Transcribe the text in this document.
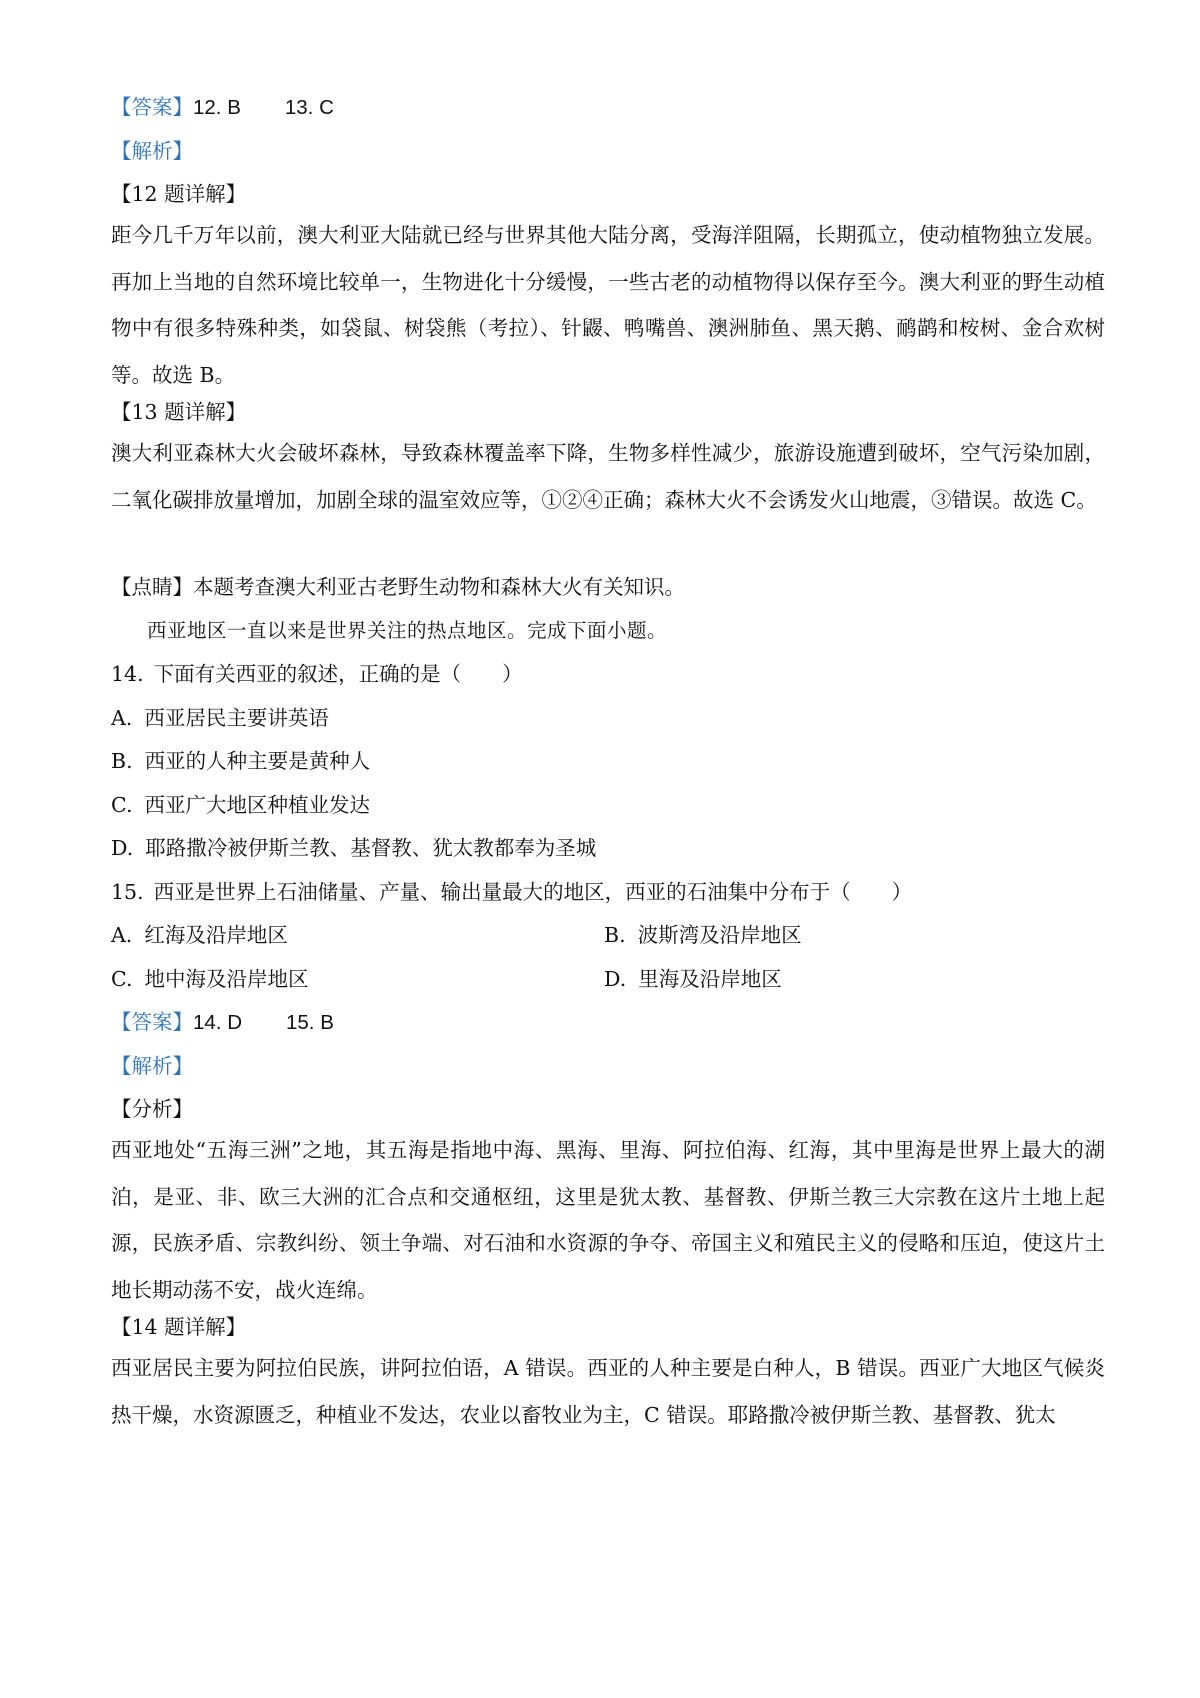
【答案】12. B 13. C
【解析】
【12 题详解】
距今几千万年以前，澳大利亚大陆就已经与世界其他大陆分离，受海洋阻隔，长期孤立，使动植物独立发展。再加上当地的自然环境比较单一，生物进化十分缓慢，一些古老的动植物得以保存至今。澳大利亚的野生动植物中有很多特殊种类，如袋鼠、树袋熊（考拉）、针鼹、鸭嘴兽、澳洲肺鱼、黑天鹅、鸸鹋和桉树、金合欢树等。故选 B。
【13 题详解】
澳大利亚森林大火会破坏森林，导致森林覆盖率下降，生物多样性减少，旅游设施遭到破坏，空气污染加剧，二氧化碳排放量增加，加剧全球的温室效应等，①②④正确；森林大火不会诱发火山地震，③错误。故选 C。
【点睛】本题考查澳大利亚古老野生动物和森林大火有关知识。
西亚地区一直以来是世界关注的热点地区。完成下面小题。
14. 下面有关西亚的叙述，正确的是（　　）
A. 西亚居民主要讲英语
B. 西亚的人种主要是黄种人
C. 西亚广大地区种植业发达
D. 耶路撒冷被伊斯兰教、基督教、犹太教都奉为圣城
15. 西亚是世界上石油储量、产量、输出量最大的地区，西亚的石油集中分布于（　　）
A. 红海及沿岸地区	B. 波斯湾及沿岸地区
C. 地中海及沿岸地区	D. 里海及沿岸地区
【答案】14. D 15. B
【解析】
【分析】
西亚地处“五海三洲”之地，其五海是指地中海、黑海、里海、阿拉伯海、红海，其中里海是世界上最大的湖泊，是亚、非、欧三大洲的汇合点和交通枢纽，这里是犹太教、基督教、伊斯兰教三大宗教在这片土地上起源，民族矛盾、宗教纠纷、领土争端、对石油和水资源的争夺、帝国主义和殖民主义的侵略和压迫，使这片土地长期动荡不安，战火连绵。
【14 题详解】
西亚居民主要为阿拉伯民族，讲阿拉伯语，A 错误。西亚的人种主要是白种人，B 错误。西亚广大地区气候炎热干燥，水资源匮乏，种植业不发达，农业以畜牧业为主，C 错误。耶路撒冷被伊斯兰教、基督教、犹太
